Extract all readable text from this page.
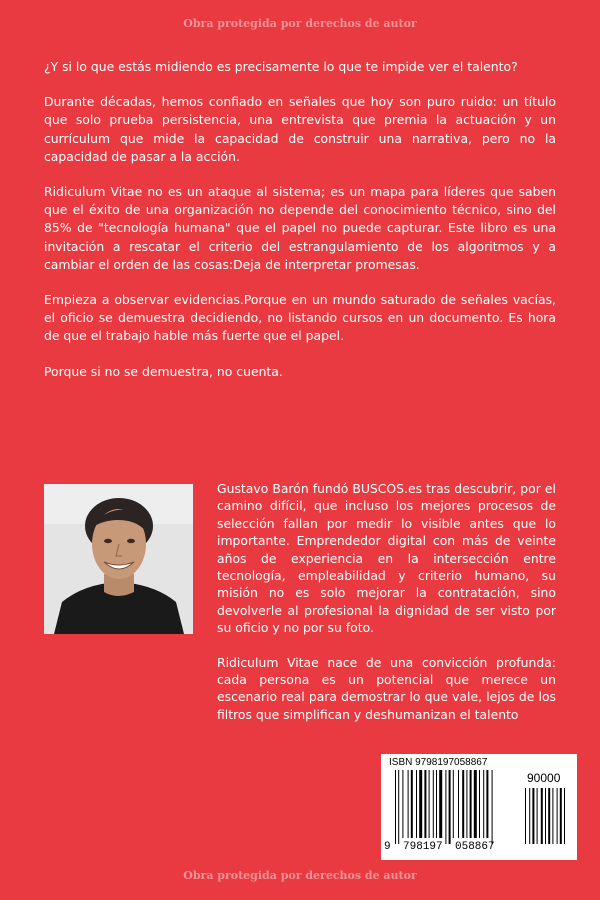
Obra protegida por derechos de autor

¿Y si lo que estás midiendo es precisamente lo que te impide ver el talento?

Durante décadas, hemos confiado en señales que hoy son puro ruido: un título que solo prueba persistencia, una entrevista que premia la actuación y un currículum que mide la capacidad de construir una narrativa, pero no la capacidad de pasar a la acción.

Ridiculum Vitae no es un ataque al sistema; es un mapa para líderes que saben que el éxito de una organización no depende del conocimiento técnico, sino del 85% de "tecnología humana" que el papel no puede capturar. Este libro es una invitación a rescatar el criterio del estrangulamiento de los algoritmos y a cambiar el orden de las cosas:Deja de interpretar promesas.

Empieza a observar evidencias.Porque en un mundo saturado de señales vacías, el oficio se demuestra decidiendo, no listando cursos en un documento. Es hora de que el trabajo hable más fuerte que el papel.

Porque si no se demuestra, no cuenta.

Gustavo Barón fundó BUSCOS.es tras descubrir, por el camino difícil, que incluso los mejores procesos de selección fallan por medir lo visible antes que lo importante. Emprendedor digital con más de veinte años de experiencia en la intersección entre tecnología, empleabilidad y criterio humano, su misión no es solo mejorar la contratación, sino devolverle al profesional la dignidad de ser visto por su oficio y no por su foto.

Ridiculum Vitae nace de una convicción profunda: cada persona es un potencial que merece un escenario real para demostrar lo que vale, lejos de los filtros que simplifican y deshumanizan el talento

ISBN 9798197058867
90000
9 798197 058867
Obra protegida por derechos de autor
